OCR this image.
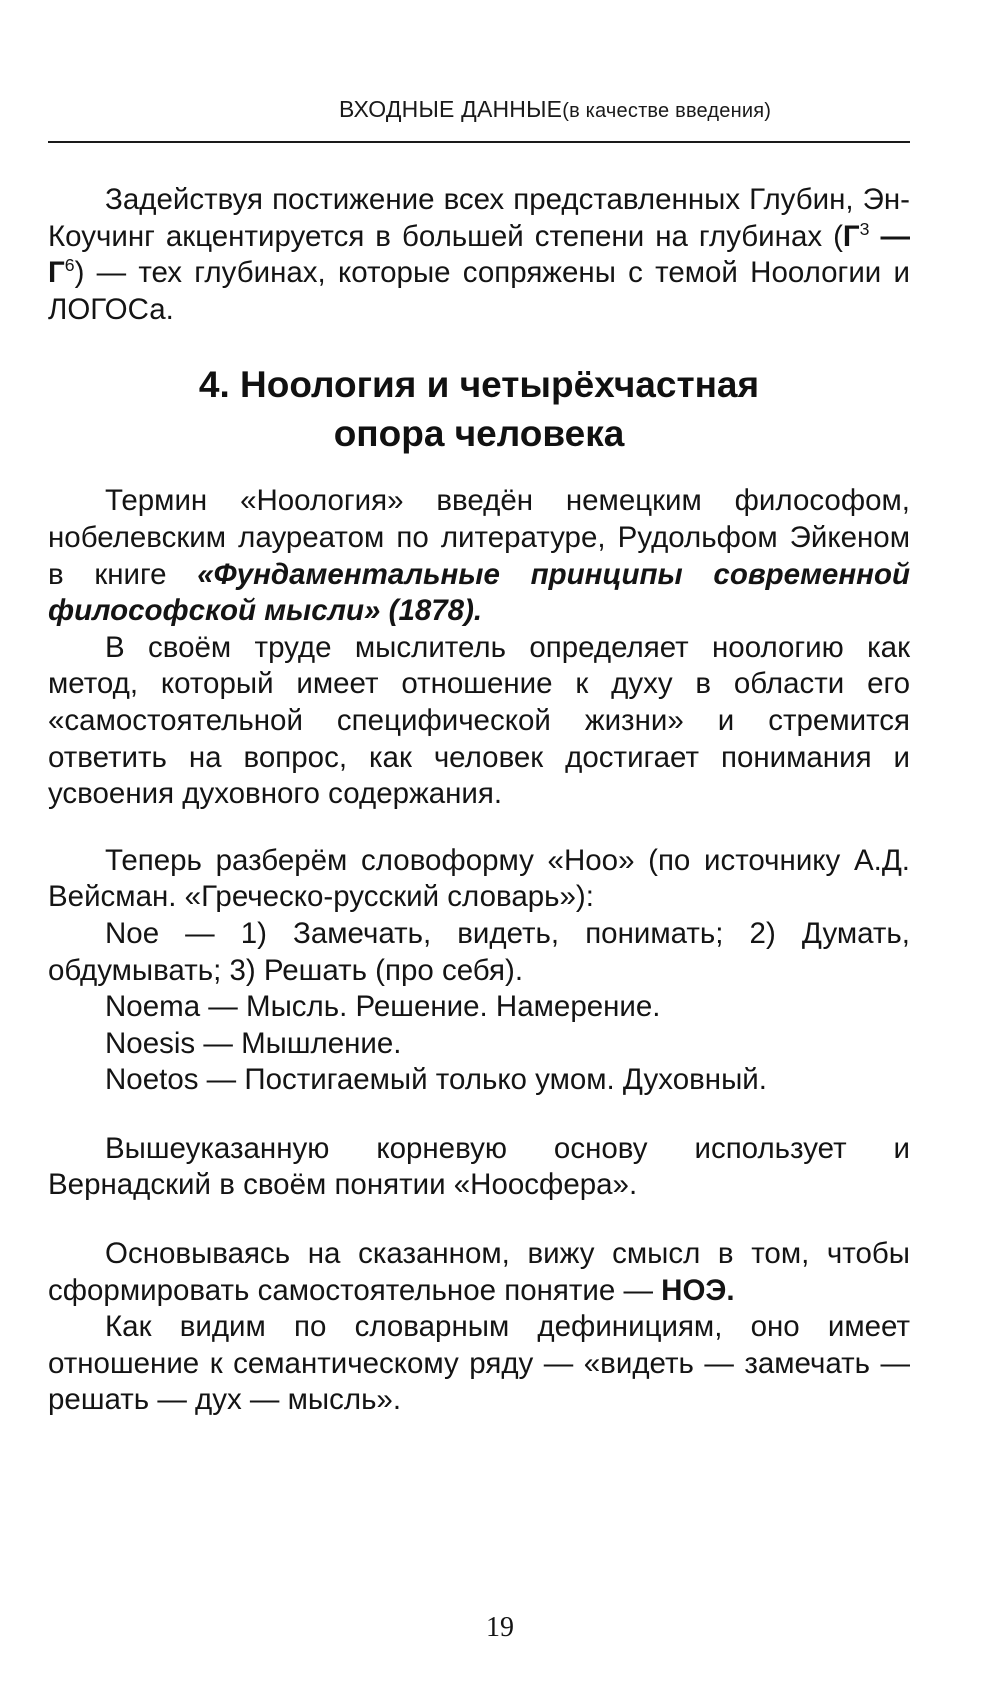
ВХОДНЫЕ ДАННЫЕ(в качестве введения)

Задействуя постижение всех представленных Глубин, Эн-Коучинг акцентируется в большей степени на глубинах ($Г^3$ — $Г^6$) — тех глубинах, которые сопряжены с темой Ноологии и ЛОГОСа.

4. Ноология и четырёхчастная
опора человека

Термин «Ноология» введён немецким философом, нобелевским лауреатом по литературе, Рудольфом Эйкеном в книге «Фундаментальные принципы современной философской мысли» (1878).

В своём труде мыслитель определяет ноологию как метод, который имеет отношение к духу в области его «самостоятельной специфической жизни» и стремится ответить на вопрос, как человек достигает понимания и усвоения духовного содержания.

Теперь разберём словоформу «Ноо» (по источнику А.Д. Вейсман. «Греческо-русский словарь»):

Noe — 1) Замечать, видеть, понимать; 2) Думать, обдумывать; 3) Решать (про себя).

Noema — Мысль. Решение. Намерение.

Noesis — Мышление.

Noetos — Постигаемый только умом. Духовный.

Вышеуказанную корневую основу использует и Вернадский в своём понятии «Ноосфера».

Основываясь на сказанном, вижу смысл в том, чтобы сформировать самостоятельное понятие — НОЭ.

Как видим по словарным дефинициям, оно имеет отношение к семантическому ряду — «видеть — замечать — решать — дух — мысль».

19
